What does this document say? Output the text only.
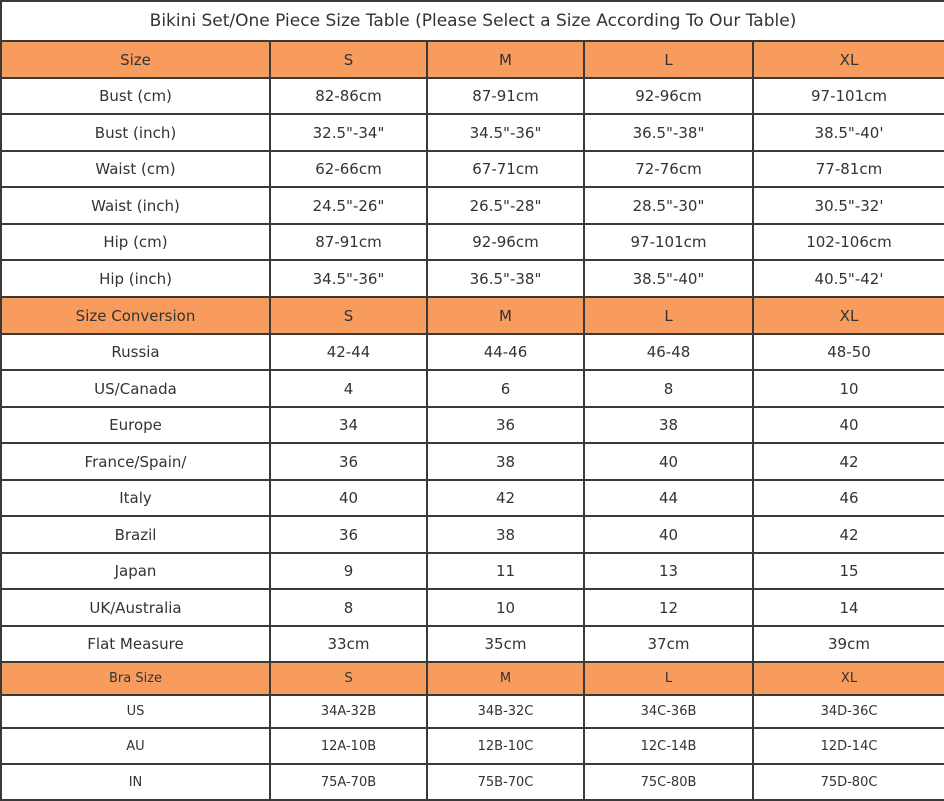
Bikini Set/One Piece Size Table (Please Select a Size According To Our Table)				
Size	S	M	L	XL
Bust (cm)	82-86cm	87-91cm	92-96cm	97-101cm
Bust (inch)	32.5"-34"	34.5"-36"	36.5"-38"	38.5"-40'
Waist (cm)	62-66cm	67-71cm	72-76cm	77-81cm
Waist (inch)	24.5"-26"	26.5"-28"	28.5"-30"	30.5"-32'
Hip (cm)	87-91cm	92-96cm	97-101cm	102-106cm
Hip (inch)	34.5"-36"	36.5"-38"	38.5"-40"	40.5"-42'
Size Conversion	S	M	L	XL
Russia	42-44	44-46	46-48	48-50
US/Canada	4	6	8	10
Europe	34	36	38	40
France/Spain/	36	38	40	42
Italy	40	42	44	46
Brazil	36	38	40	42
Japan	9	11	13	15
UK/Australia	8	10	12	14
Flat Measure	33cm	35cm	37cm	39cm
Bra Size	S	M	L	XL
US	34A-32B	34B-32C	34C-36B	34D-36C
AU	12A-10B	12B-10C	12C-14B	12D-14C
IN	75A-70B	75B-70C	75C-80B	75D-80C
